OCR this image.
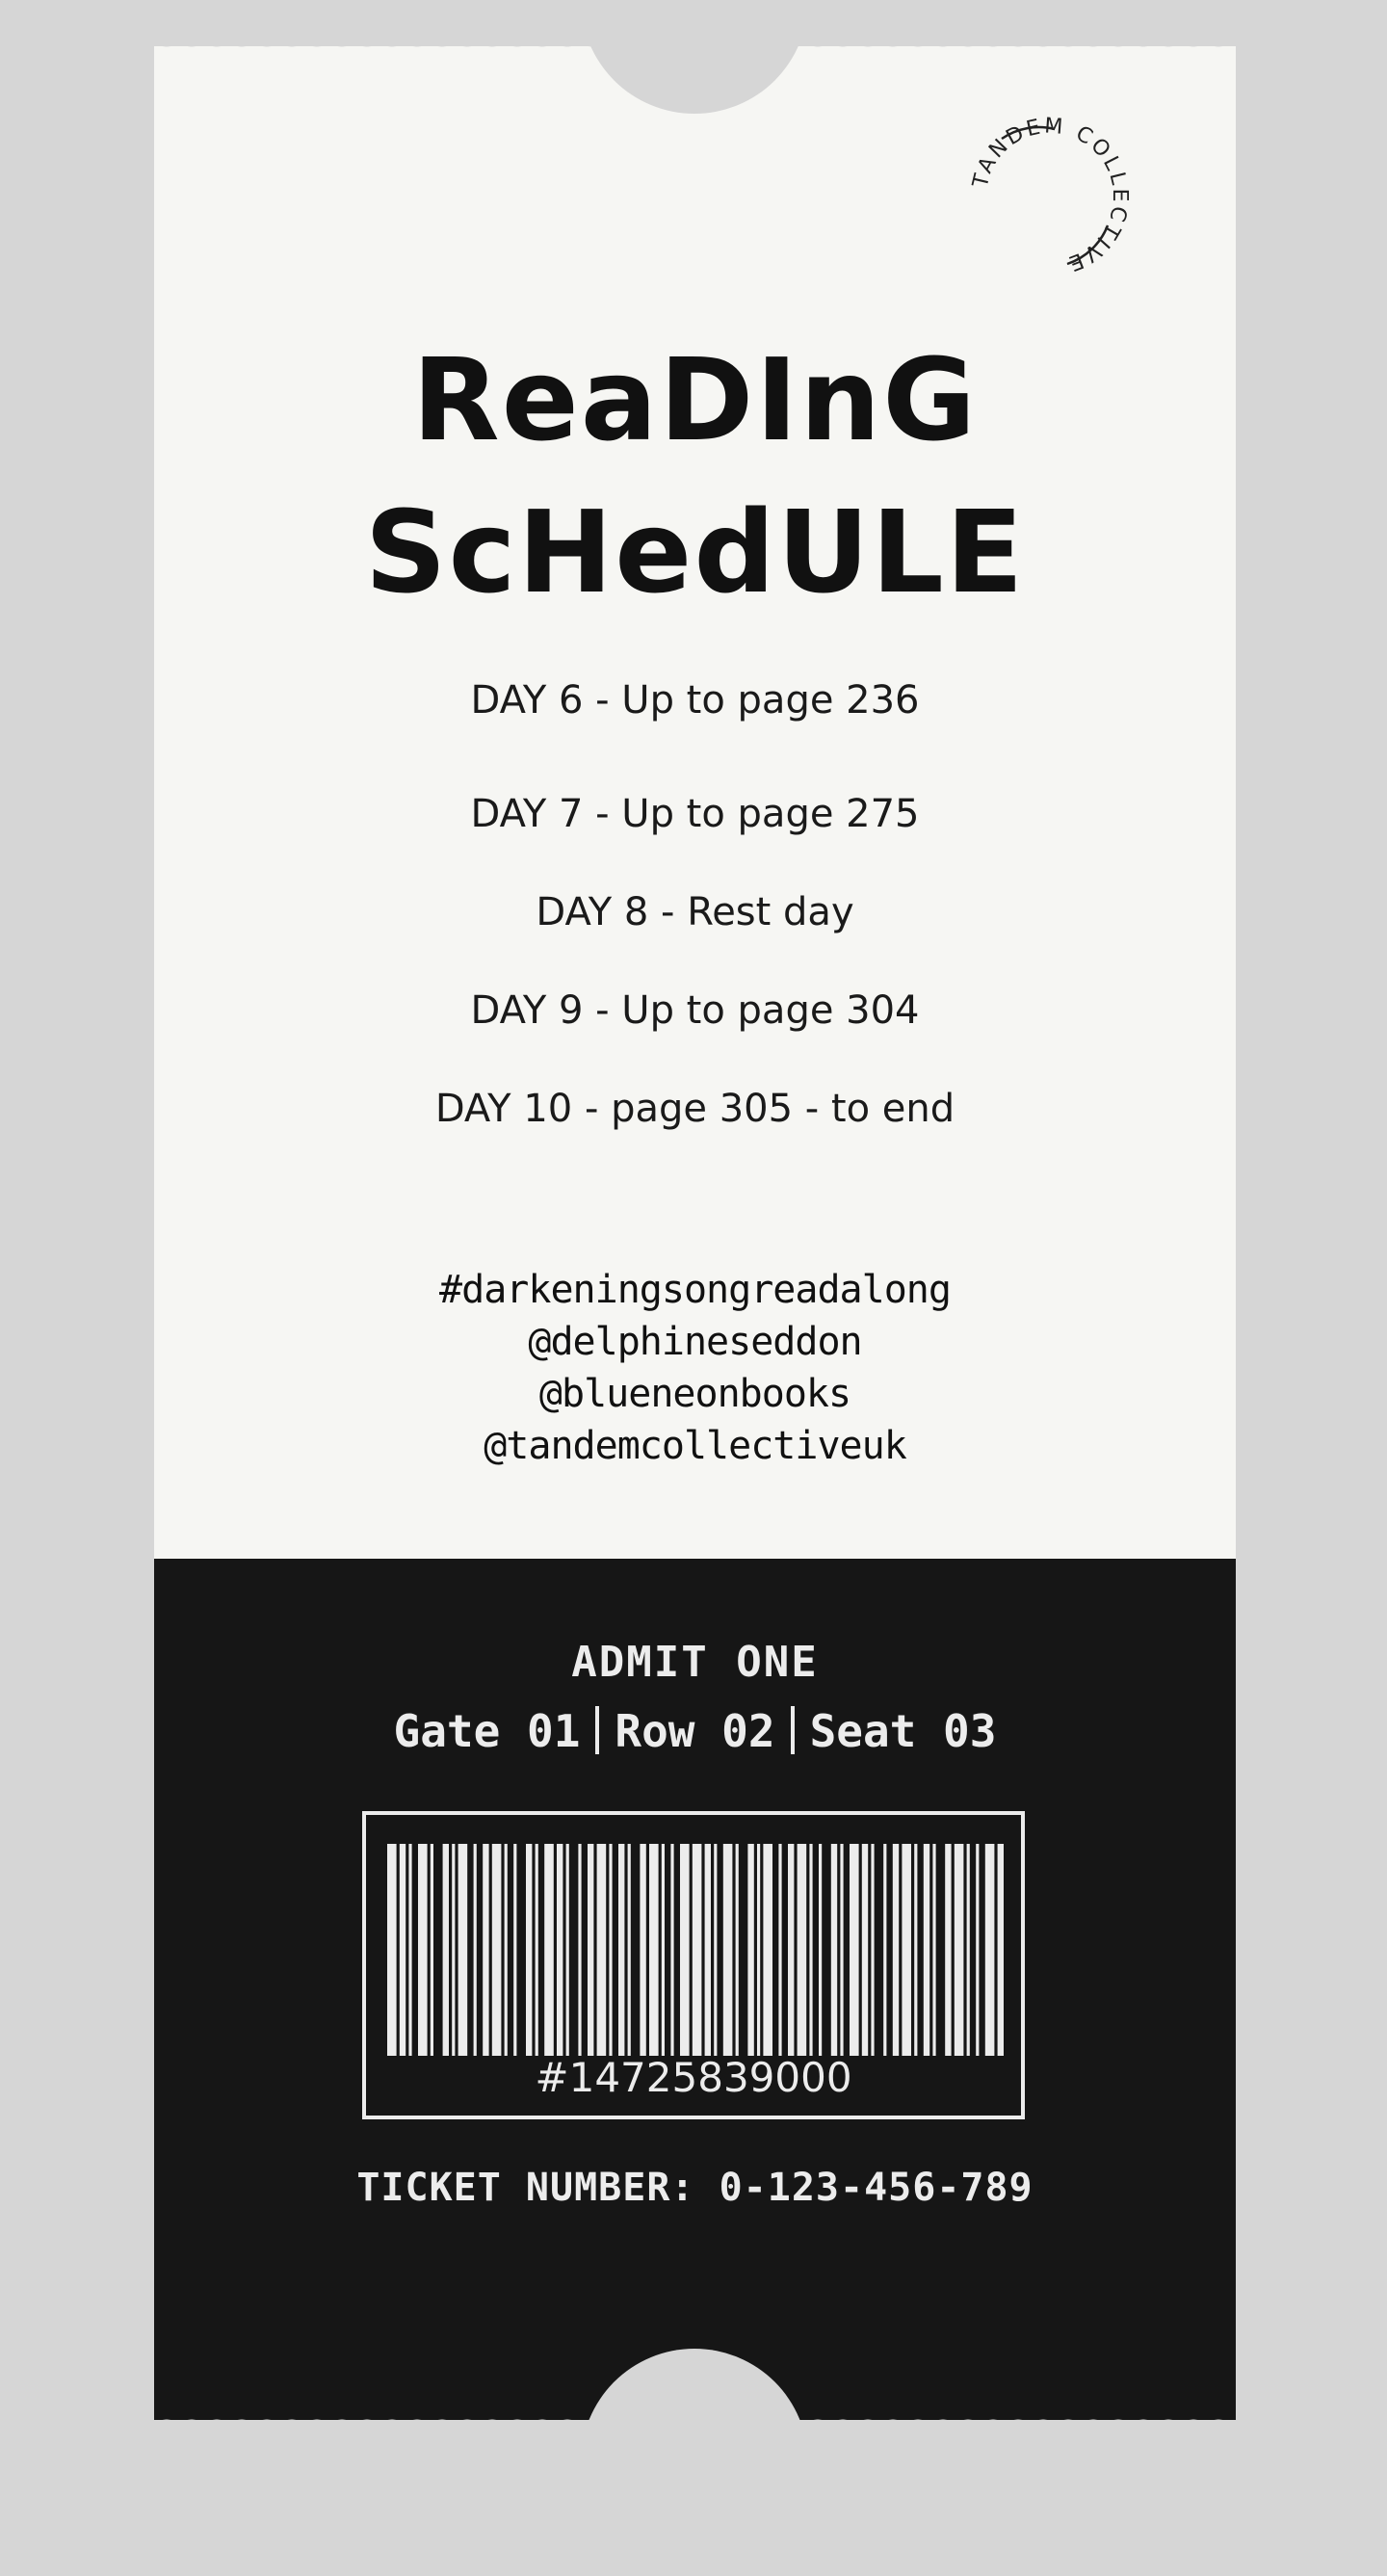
TANDEM COLLECTIVE
ReaDInG
ScHedULE
DAY 6 - Up to page 236
DAY 7 - Up to page 275
DAY 8 - Rest day
DAY 9 - Up to page 304
DAY 10 - page 305 - to end
#darkeningsongreadalong
@delphineseddon
@blueneonbooks
@tandemcollectiveuk
ADMIT ONE
Gate 01 Row 02 Seat 03
#14725839000
TICKET NUMBER: 0-123-456-789
